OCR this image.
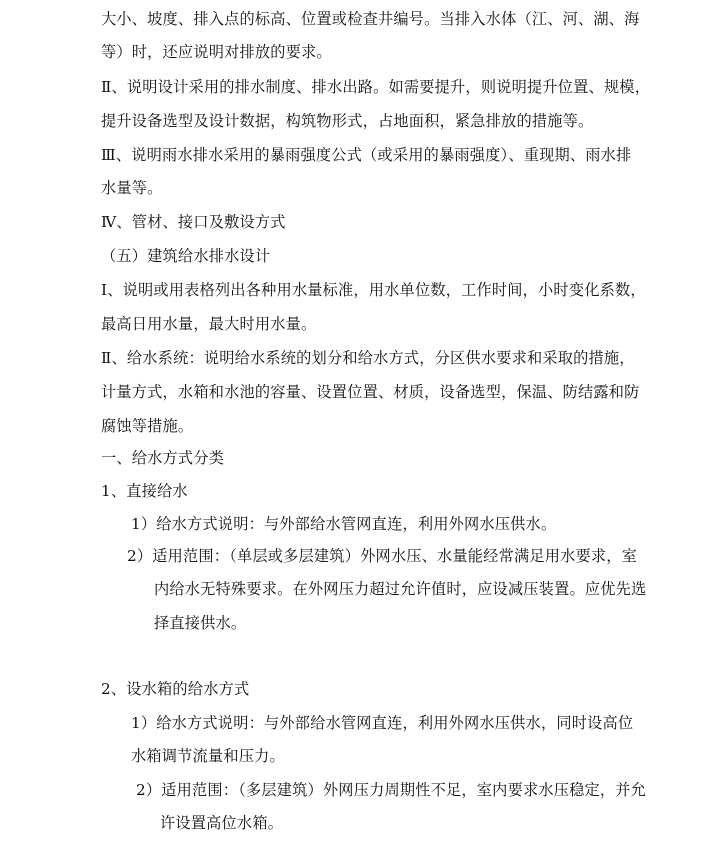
大小、坡度、排入点的标高、位置或检查井编号。当排入水体（江、河、湖、海
等）时，还应说明对排放的要求。
Ⅱ、说明设计采用的排水制度、排水出路。如需要提升，则说明提升位置、规模，
提升设备选型及设计数据，构筑物形式，占地面积，紧急排放的措施等。
Ⅲ、说明雨水排水采用的暴雨强度公式（或采用的暴雨强度）、重现期、雨水排
水量等。
Ⅳ、管材、接口及敷设方式
（五）建筑给水排水设计
Ⅰ、说明或用表格列出各种用水量标准，用水单位数，工作时间，小时变化系数，
最高日用水量，最大时用水量。
Ⅱ、给水系统：说明给水系统的划分和给水方式，分区供水要求和采取的措施，
计量方式，水箱和水池的容量、设置位置、材质，设备选型，保温、防结露和防
腐蚀等措施。
一、给水方式分类
1、直接给水
1）给水方式说明：与外部给水管网直连，利用外网水压供水。
2）适用范围：（单层或多层建筑）外网水压、水量能经常满足用水要求，室
内给水无特殊要求。在外网压力超过允许值时，应设减压装置。应优先选
择直接供水。
2、设水箱的给水方式
1）给水方式说明：与外部给水管网直连，利用外网水压供水，同时设高位
水箱调节流量和压力。
2）适用范围：（多层建筑）外网压力周期性不足，室内要求水压稳定，并允
许设置高位水箱。
